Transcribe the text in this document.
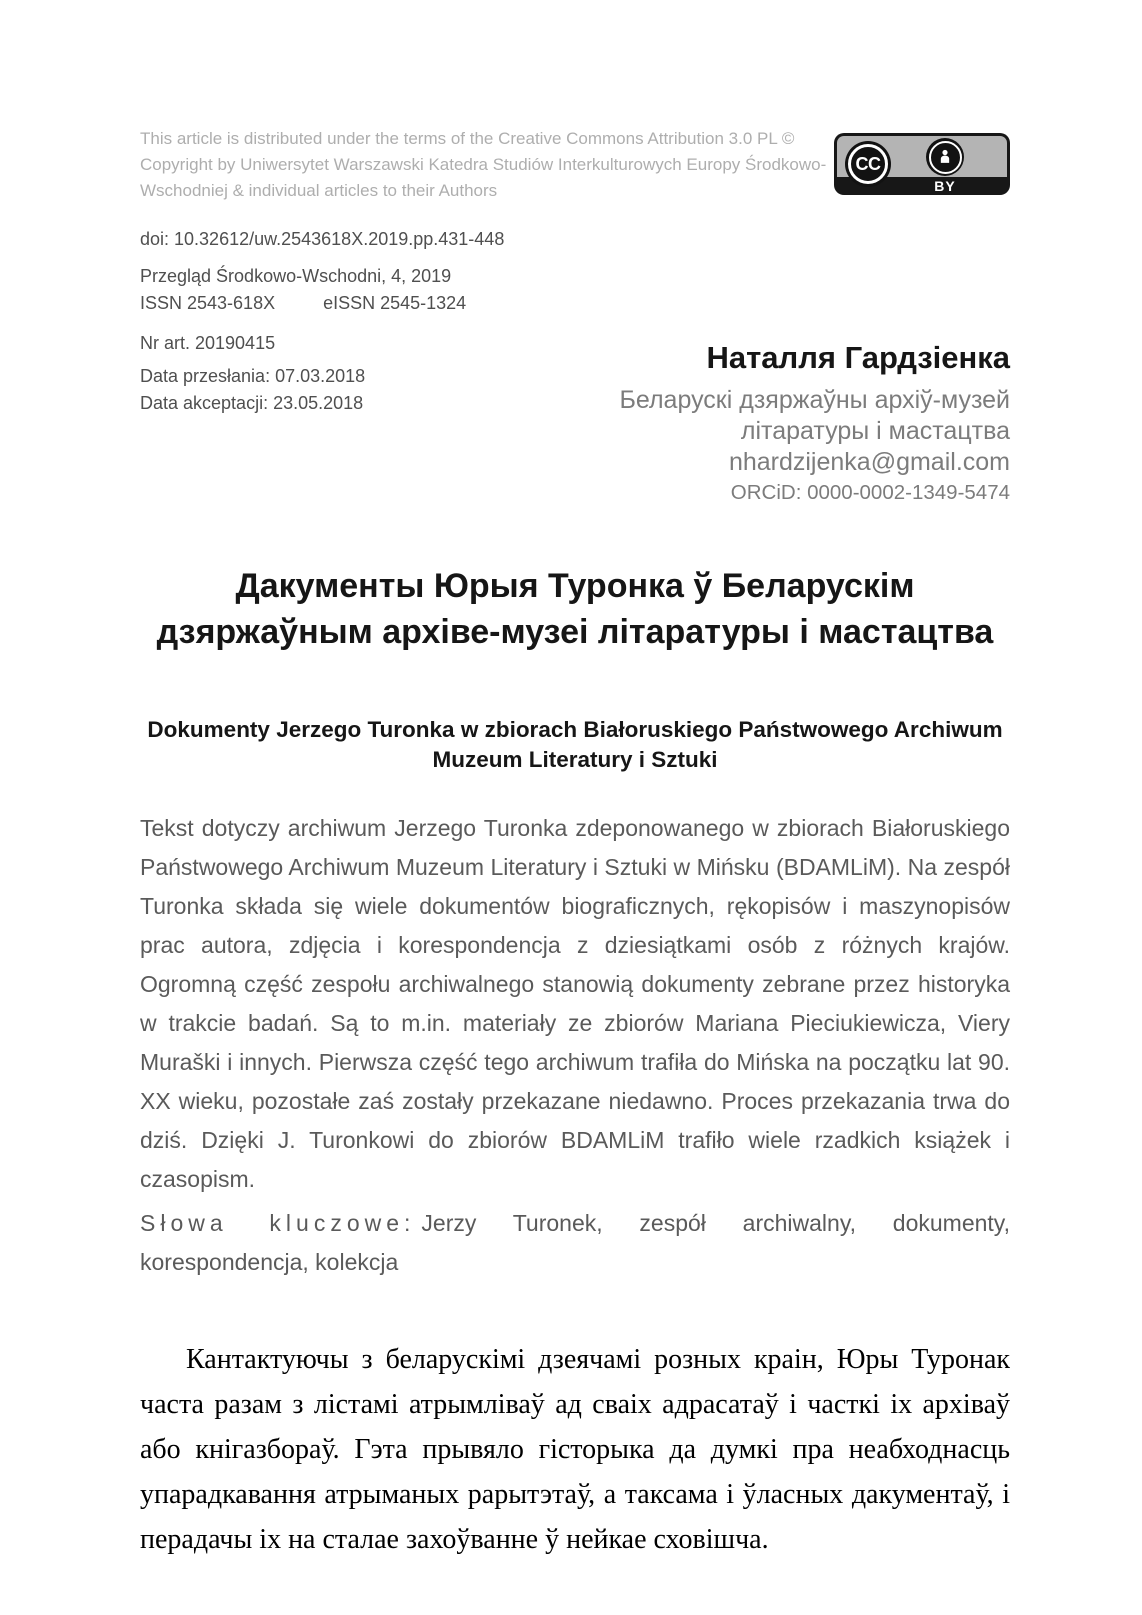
This article is distributed under the terms of the Creative Commons Attribution 3.0 PL © Copyright by Uniwersytet Warszawski Katedra Studiów Interkulturowych Europy Środkowo-Wschodniej & individual articles to their Authors
CC
BY
doi: 10.32612/uw.2543618X.2019.pp.431-448
Przegląd Środkowo-Wschodni, 4, 2019
ISSN 2543-618X	eISSN 2545-1324
Nr art. 20190415
Data przesłania: 07.03.2018
Data akceptacji: 23.05.2018
Наталля Гардзіенка
Беларускі дзяржаўны архіў-музей
літаратуры і мастацтва
nhardzijenka@gmail.com
ORCiD: 0000-0002-1349-5474
Дакументы Юрыя Туронка ў Беларускім
дзяржаўным архіве-музеі літаратуры і мастацтва
Dokumenty Jerzego Turonka w zbiorach Białoruskiego Państwowego Archiwum
Muzeum Literatury i Sztuki
Tekst dotyczy archiwum Jerzego Turonka zdeponowanego w zbiorach Białoruskiego Państwowego Archiwum Muzeum Literatury i Sztuki w Mińsku (BDAMLiM). Na zespół Turonka składa się wiele dokumentów biograficznych, rękopisów i maszynopisów prac autora, zdjęcia i korespondencja z dziesiątkami osób z różnych krajów. Ogromną część zespołu archiwalnego stanowią dokumenty zebrane przez historyka w trakcie badań. Są to m.in. materiały ze zbiorów Mariana Pieciukiewicza, Viery Muraški i innych. Pierwsza część tego archiwum trafiła do Mińska na początku lat 90. XX wieku, pozostałe zaś zostały przekazane niedawno. Proces przekazania trwa do dziś. Dzięki J. Turonkowi do zbiorów BDAMLiM trafiło wiele rzadkich książek i czasopism.
Słowa kluczowe: Jerzy Turonek, zespół archiwalny, dokumenty, korespondencja, kolekcja
Кантактуючы з беларускімі дзеячамі розных краін, Юры Туронак часта разам з лістамі атрымліваў ад сваіх адрасатаў і часткі іх архіваў або кнігазбораў. Гэта прывяло гісторыка да думкі пра неабходнасць упарадкавання атрыманых рарытэтаў, а таксама і ўласных дакументаў, і перадачы іх на сталае захоўванне ў нейкае сховішча.
